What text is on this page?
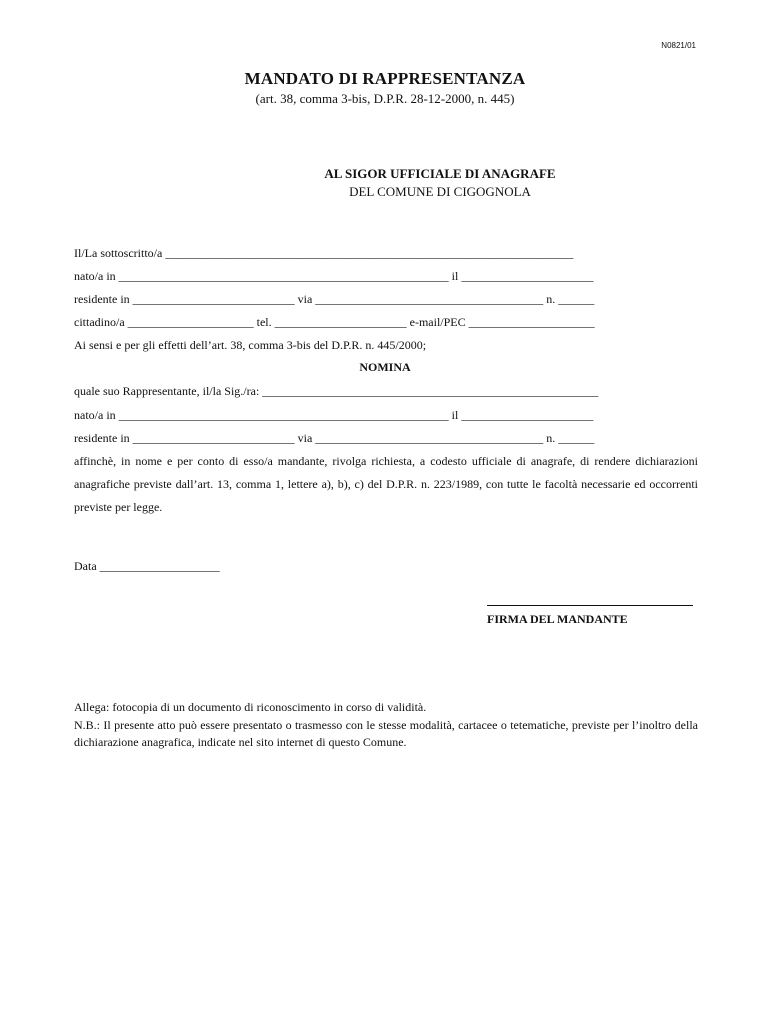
N0821/01
MANDATO DI RAPPRESENTANZA
(art. 38, comma 3-bis, D.P.R. 28-12-2000, n. 445)
AL SIGOR UFFICIALE DI ANAGRAFE
DEL COMUNE DI CIGOGNOLA
Il/La sottoscritto/a ____________________________________________________________________
nato/a in _______________________________________________________ il ______________________
residente in ___________________________ via ______________________________________ n. ______
cittadino/a _____________________ tel. ______________________ e-mail/PEC _____________________
Ai sensi e per gli effetti dell’art. 38, comma 3-bis del D.P.R. n. 445/2000;
NOMINA
quale suo Rappresentante, il/la Sig./ra: ________________________________________________________
nato/a in _______________________________________________________ il ______________________
residente in ___________________________ via ______________________________________ n. ______
affinchè, in nome e per conto di esso/a mandante, rivolga richiesta, a codesto ufficiale di anagrafe, di rendere dichiarazioni anagrafiche previste dall’art. 13, comma 1, lettere a), b), c) del D.P.R. n. 223/1989, con tutte le facoltà necessarie ed occorrenti previste per legge.
Data ____________________
FIRMA DEL MANDANTE
Allega: fotocopia di un documento di riconoscimento in corso di validità.
N.B.: Il presente atto può essere presentato o trasmesso con le stesse modalità, cartacee o tetematiche, previste per l’inoltro della dichiarazione anagrafica, indicate nel sito internet di questo Comune.
